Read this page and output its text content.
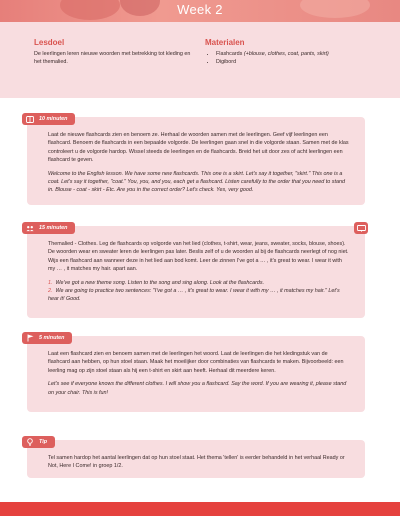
Week 2
Lesdoel

De leerlingen leren nieuwe woorden met betrekking tot kleding en het themalied.

Materialen
• Flashcards (+blouse, clothes, coat, pants, skirt)
• Digibord
10 minuten

Laat de nieuwe flashcards zien en benoem ze. Herhaal de woorden samen met de leerlingen. Geef vijf leerlingen een flashcard. Benoem de flashcards in een bepaalde volgorde. De leerlingen gaan snel in die volgorde staan. Samen met de klas controleert u de volgorde hardop. Wissel steeds de leerlingen en de flashcards. Breid het uit door zes of acht leerlingen een flashcard te geven.

Welcome to the English lesson. We have some new flashcards. This one is a skirt. Let's say it together, "skirt." This one is a coat. Let's say it together, "coat." You, you, and you, each get a flashcard. Listen carefully to the order that you need to stand in. Blouse - coat - skirt - Etc. Are you in the correct order? Let's check. Yes, very good.

15 minuten

Themalied - Clothes. Leg de flashcards op volgorde van het lied (clothes, t-shirt, wear, jeans, sweater, socks, blouse, shoes). De woorden wear en sweater leren de leerlingen pas later. Beslis zelf of u de woorden al bij de flashcards neerlegt of nog niet. Wijs een flashcard aan wanneer deze in het lied aan bod komt. Leer de zinnen I've got a … , it's great to wear. I wear it with my … , it matches my hair. apart aan.

1. We've got a new theme song. Listen to the song and sing along. Look at the flashcards.
2. We are going to practice two sentences: "I've got a … , it's great to wear. I wear it with my … , it matches my hair." Let's hear it! Good.
5 minuten

Laat een flashcard zien en benoem samen met de leerlingen het woord. Laat de leerlingen die het kledingstuk van de flashcard aan hebben, op hun stoel staan. Maak het moeilijker door combinaties van flashcards te maken. Bijvoorbeeld: een leerling mag op zijn stoel staan als hij een t-shirt en skirt aan heeft. Herhaal dit meerdere keren.

Let's see if everyone knows the different clothes. I will show you a flashcard. Say the word. If you are wearing it, please stand on your chair. This is fun!

Tip

Tel samen hardop het aantal leerlingen dat op hun stoel staat. Het thema 'tellen' is eerder behandeld in het verhaal Ready or Not, Here I Come! in groep 1/2.
